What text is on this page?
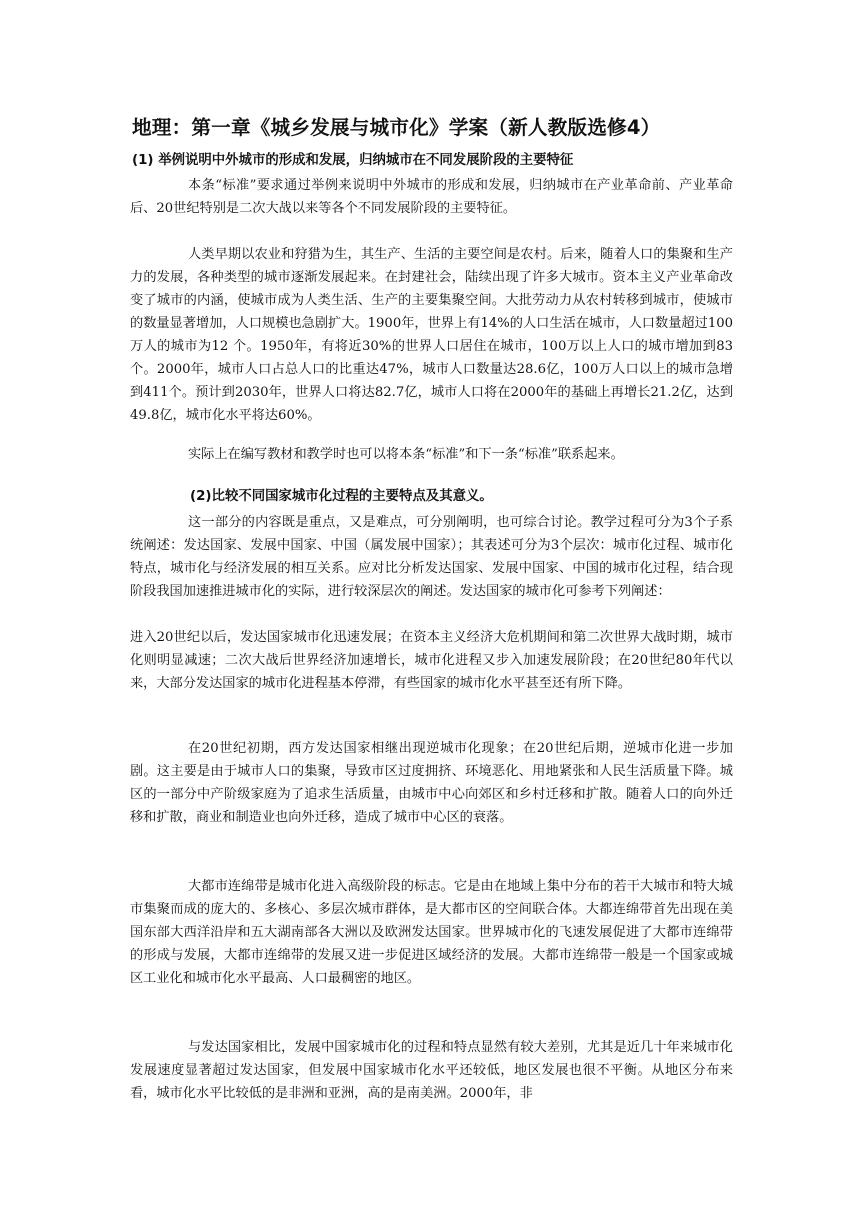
地理：第一章《城乡发展与城市化》学案（新人教版选修4）
(1) 举例说明中外城市的形成和发展，归纳城市在不同发展阶段的主要特征

本条“标准”要求通过举例来说明中外城市的形成和发展，归纳城市在产业革命前、产业革命后、20世纪特别是二次大战以来等各个不同发展阶段的主要特征。

人类早期以农业和狩猎为生，其生产、生活的主要空间是农村。后来，随着人口的集聚和生产力的发展，各种类型的城市逐渐发展起来。在封建社会，陆续出现了许多大城市。资本主义产业革命改变了城市的内涵，使城市成为人类生活、生产的主要集聚空间。大批劳动力从农村转移到城市，使城市的数量显著增加，人口规模也急剧扩大。1900年，世界上有14%的人口生活在城市，人口数量超过100万人的城市为12 个。1950年，有将近30%的世界人口居住在城市，100万以上人口的城市增加到83个。2000年，城市人口占总人口的比重达47%，城市人口数量达28.6亿，100万人口以上的城市急增到411个。预计到2030年，世界人口将达82.7亿，城市人口将在2000年的基础上再增长21.2亿，达到49.8亿，城市化水平将达60%。

实际上在编写教材和教学时也可以将本条“标准”和下一条“标准”联系起来。

(2)比较不同国家城市化过程的主要特点及其意义。

这一部分的内容既是重点，又是难点，可分别阐明，也可综合讨论。教学过程可分为3个子系统阐述：发达国家、发展中国家、中国（属发展中国家）；其表述可分为3个层次：城市化过程、城市化特点，城市化与经济发展的相互关系。应对比分析发达国家、发展中国家、中国的城市化过程，结合现阶段我国加速推进城市化的实际，进行较深层次的阐述。发达国家的城市化可参考下列阐述：

进入20世纪以后，发达国家城市化迅速发展；在资本主义经济大危机期间和第二次世界大战时期，城市化则明显减速；二次大战后世界经济加速增长，城市化进程又步入加速发展阶段；在20世纪80年代以来，大部分发达国家的城市化进程基本停滞，有些国家的城市化水平甚至还有所下降。

在20世纪初期，西方发达国家相继出现逆城市化现象；在20世纪后期，逆城市化进一步加剧。这主要是由于城市人口的集聚，导致市区过度拥挤、环境恶化、用地紧张和人民生活质量下降。城区的一部分中产阶级家庭为了追求生活质量，由城市中心向郊区和乡村迁移和扩散。随着人口的向外迁移和扩散，商业和制造业也向外迁移，造成了城市中心区的衰落。

大都市连绵带是城市化进入高级阶段的标志。它是由在地域上集中分布的若干大城市和特大城市集聚而成的庞大的、多核心、多层次城市群体，是大都市区的空间联合体。大都连绵带首先出现在美国东部大西洋沿岸和五大湖南部各大洲以及欧洲发达国家。世界城市化的飞速发展促进了大都市连绵带的形成与发展，大都市连绵带的发展又进一步促进区域经济的发展。大都市连绵带一般是一个国家或城区工业化和城市化水平最高、人口最稠密的地区。

与发达国家相比，发展中国家城市化的过程和特点显然有较大差别，尤其是近几十年来城市化发展速度显著超过发达国家，但发展中国家城市化水平还较低，地区发展也很不平衡。从地区分布来看，城市化水平比较低的是非洲和亚洲，高的是南美洲。2000年，非
